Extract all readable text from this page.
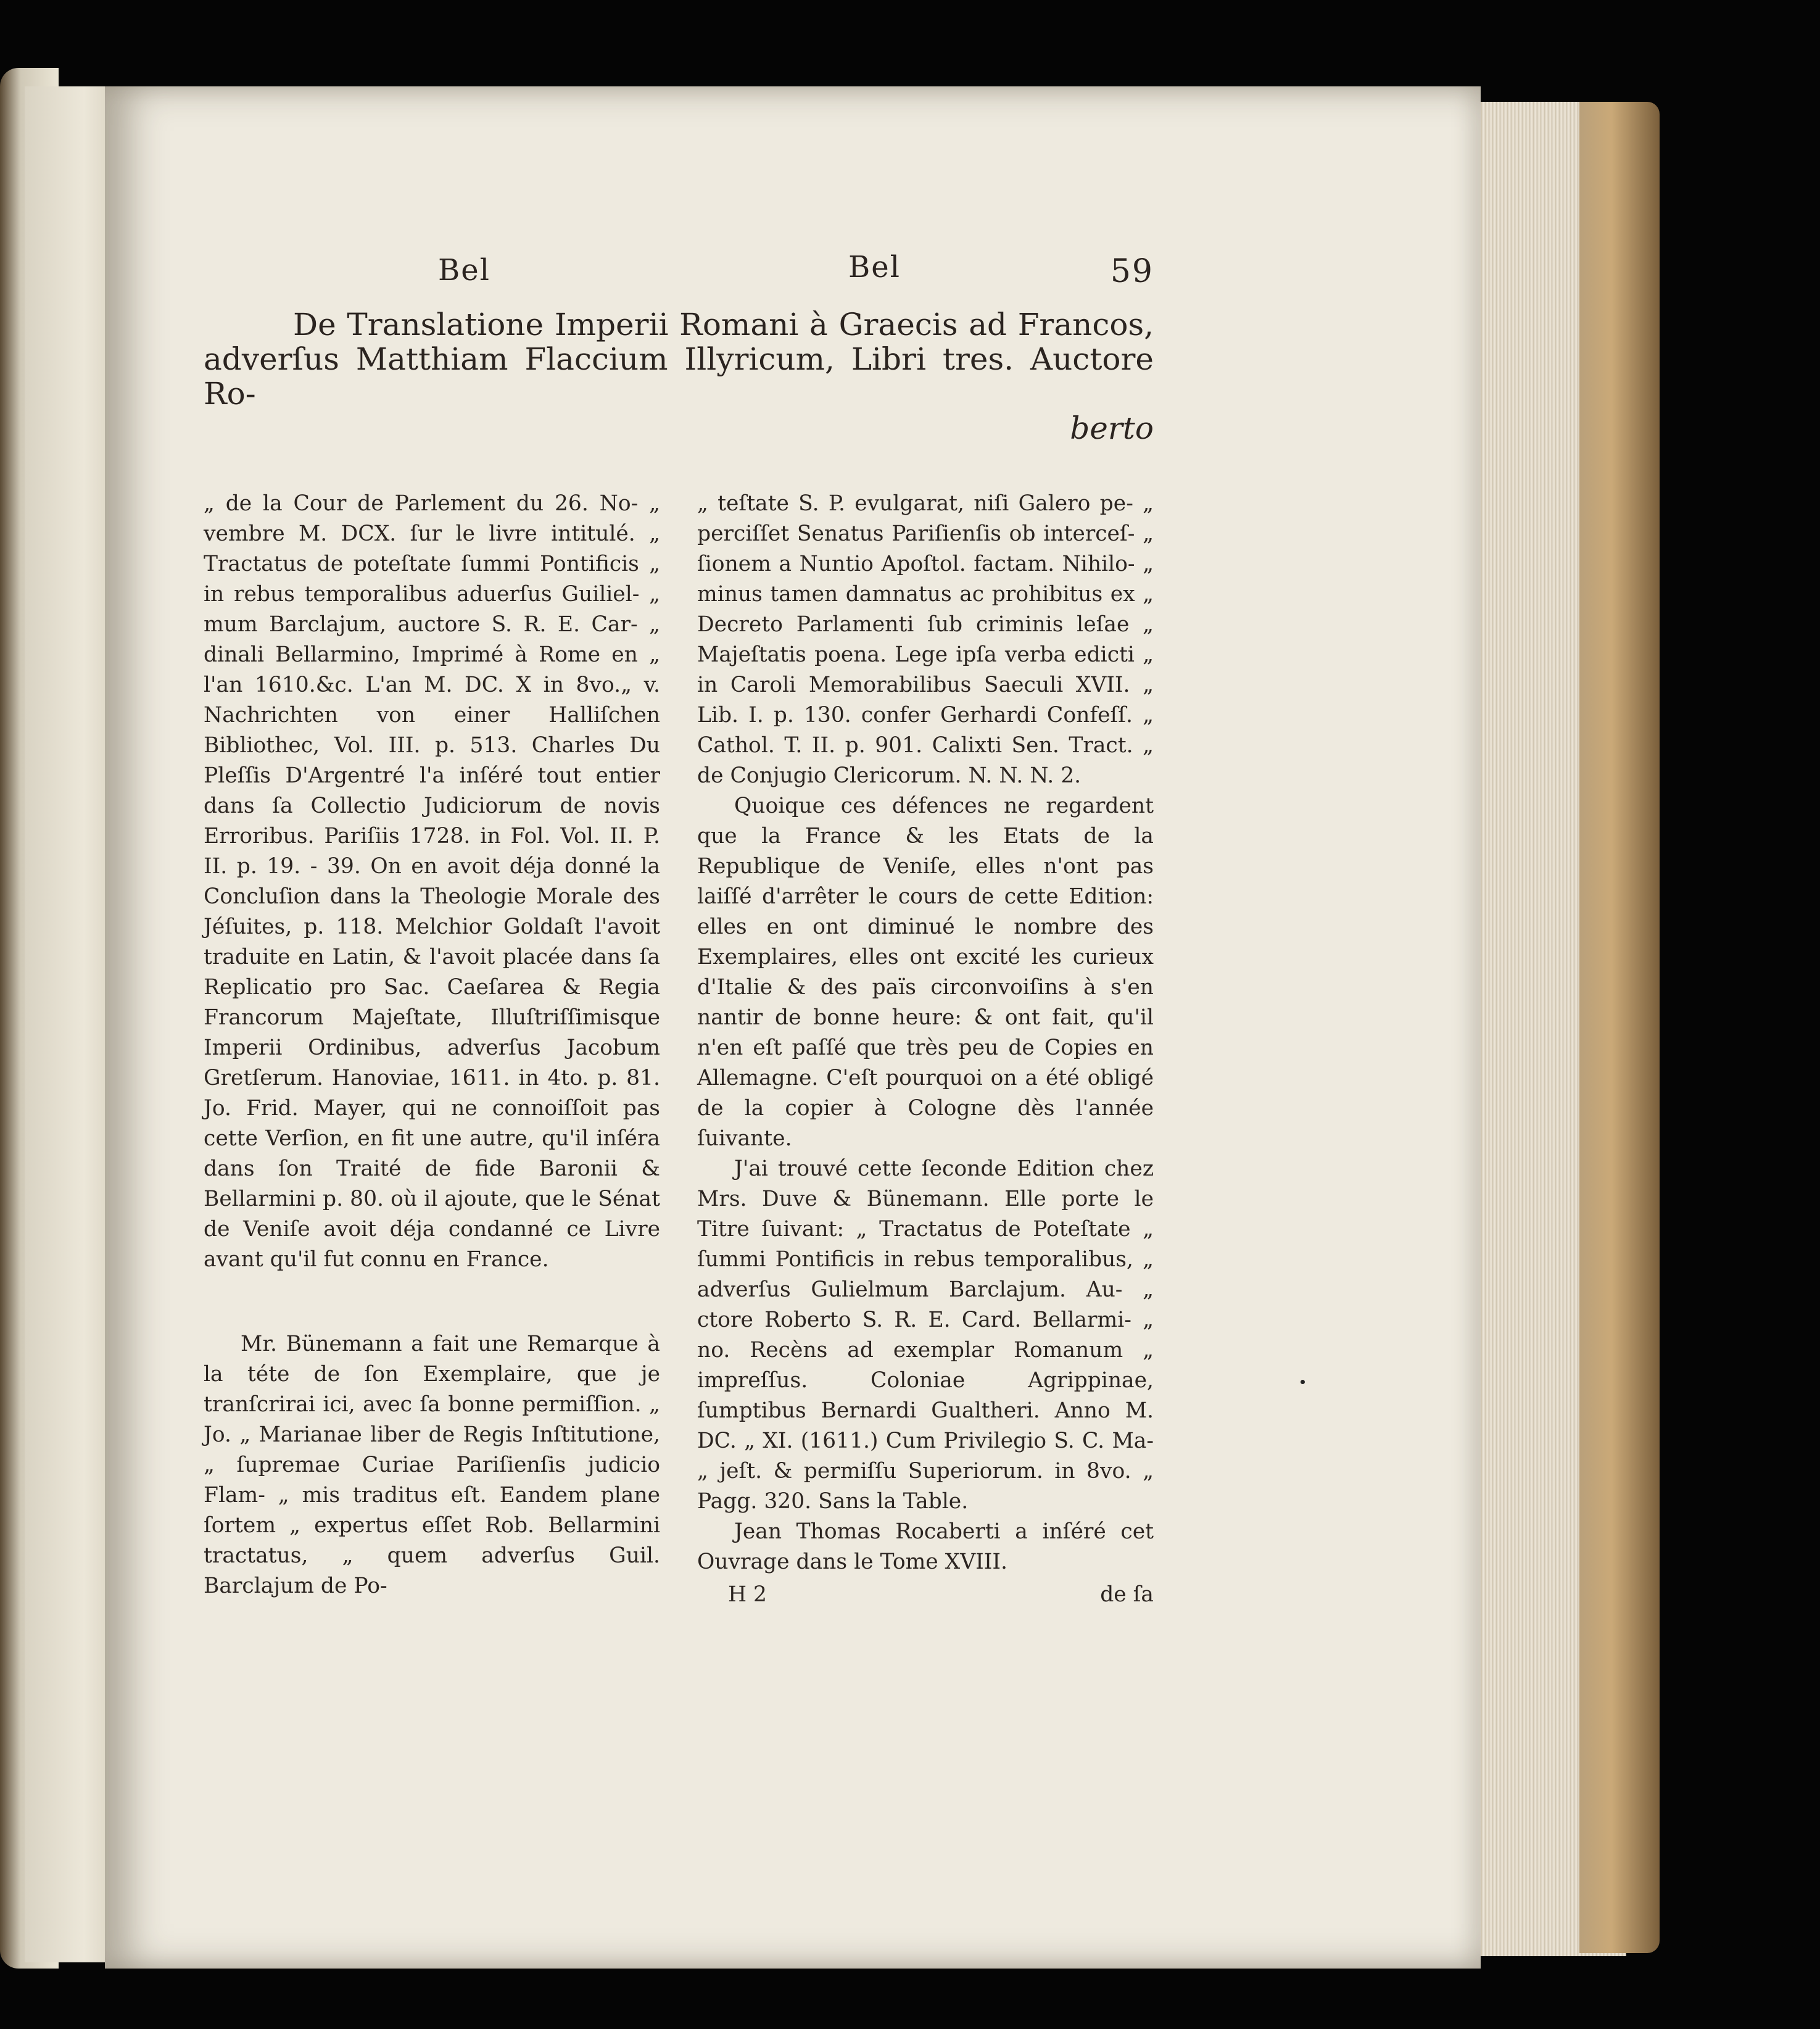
Bel	Bel	59
De Translatione Imperii Romani à Graecis ad Francos, adverſus Matthiam Flaccium Illyricum, Libri tres. Auctore Ro-
berto

„ de la Cour de Parlement du 26. No- „ vembre M. DCX. ſur le livre intitulé. „ Tractatus de poteſtate ſummi Pontificis „ in rebus temporalibus aduerſus Guiliel- „ mum Barclajum, auctore S. R. E. Car- „ dinali Bellarmino, Imprimé à Rome en „ l'an 1610.&c. L'an M. DC. X in 8vo.„ v. Nachrichten von einer Halliſchen Bibliothec, Vol. III. p. 513. Charles Du Pleſſis D'Argentré l'a inſéré tout entier dans ſa Collectio Judiciorum de novis Erroribus. Pariſiis 1728. in Fol. Vol. II. P. II. p. 19. - 39. On en avoit déja donné la Concluſion dans la Theologie Morale des Jéſuites, p. 118. Melchior Goldaſt l'avoit traduite en Latin, & l'avoit placée dans ſa Replicatio pro Sac. Caeſarea & Regia Francorum Majeſtate, Illuſtriſſimisque Imperii Ordinibus, adverſus Jacobum Gretſerum. Hanoviae, 1611. in 4to. p. 81. Jo. Frid. Mayer, qui ne connoiſſoit pas cette Verſion, en fit une autre, qu'il inſéra dans ſon Traité de fide Baronii & Bellarmini p. 80. où il ajoute, que le Sénat de Veniſe avoit déja condanné ce Livre avant qu'il fut connu en France.

Mr. Bünemann a fait une Remarque à la téte de ſon Exemplaire, que je tranſcrirai ici, avec ſa bonne permiſſion. „ Jo. „ Marianae liber de Regis Inſtitutione, „ ſupremae Curiae Pariſienſis judicio Flam- „ mis traditus eſt. Eandem plane ſortem „ expertus eſſet Rob. Bellarmini tractatus, „ quem adverſus Guil. Barclajum de Po-

„ teſtate S. P. evulgarat, niſi Galero pe- „ perciſſet Senatus Pariſienſis ob interceſ- „ ſionem a Nuntio Apoſtol. factam. Nihilo- „ minus tamen damnatus ac prohibitus ex „ Decreto Parlamenti ſub criminis leſae „ Majeſtatis poena. Lege ipſa verba edicti „ in Caroli Memorabilibus Saeculi XVII. „ Lib. I. p. 130. confer Gerhardi Confeſſ. „ Cathol. T. II. p. 901. Calixti Sen. Tract. „ de Conjugio Clericorum. N. N. N. 2.

Quoique ces défences ne regardent que la France & les Etats de la Republique de Veniſe, elles n'ont pas laiſſé d'arrêter le cours de cette Edition: elles en ont diminué le nombre des Exemplaires, elles ont excité les curieux d'Italie & des païs circonvoiſins à s'en nantir de bonne heure: & ont fait, qu'il n'en eſt paſſé que très peu de Copies en Allemagne. C'eſt pourquoi on a été obligé de la copier à Cologne dès l'année ſuivante.

J'ai trouvé cette ſeconde Edition chez Mrs. Duve & Bünemann. Elle porte le Titre ſuivant: „ Tractatus de Poteſtate „ ſummi Pontificis in rebus temporalibus, „ adverſus Gulielmum Barclajum. Au- „ ctore Roberto S. R. E. Card. Bellarmi- „ no. Recèns ad exemplar Romanum „ impreſſus. Coloniae Agrippinae, ſumptibus Bernardi Gualtheri. Anno M. DC. „ XI. (1611.) Cum Privilegio S. C. Ma- „ jeſt. & permiſſu Superiorum. in 8vo. „ Pagg. 320. Sans la Table.

Jean Thomas Rocaberti a inſéré cet Ouvrage dans le Tome XVIII.

H 2	de ſa
